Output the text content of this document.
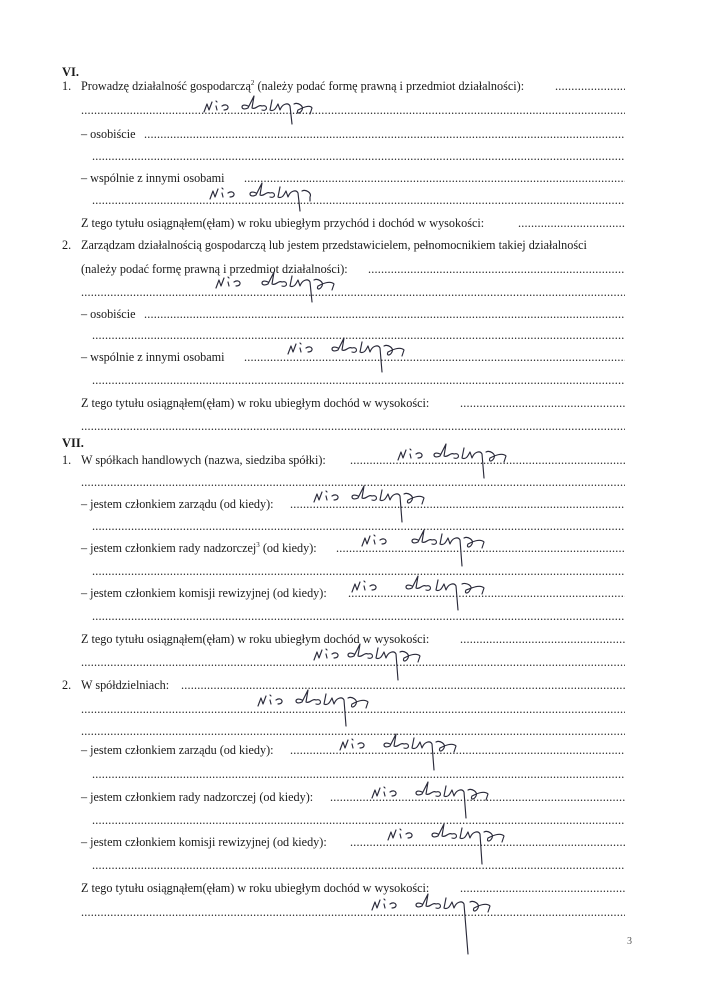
VI.
1. Prowadzę działalność gospodarczą$^2$ (należy podać formę prawną i przedmiot działalności):
.....
.....
– osobiście
.....
.....
– wspólnie z innymi osobami
.....
.....
Z tego tytułu osiągnąłem(ęłam) w roku ubiegłym przychód i dochód w wysokości:
.....
2. Zarządzam działalnością gospodarczą lub jestem przedstawicielem, pełnomocnikiem takiej działalności
(należy podać formę prawną i przedmiot działalności):
.....
.....
– osobiście
.....
.....
– wspólnie z innymi osobami
.....
.....
Z tego tytułu osiągnąłem(ęłam) w roku ubiegłym dochód w wysokości:
.....
.....
VII.
1. W spółkach handlowych (nazwa, siedziba spółki):
.....
.....
– jestem członkiem zarządu (od kiedy):
.....
.....
– jestem członkiem rady nadzorczej$^3$ (od kiedy):
.....
.....
– jestem członkiem komisji rewizyjnej (od kiedy):
.....
.....
Z tego tytułu osiągnąłem(ęłam) w roku ubiegłym dochód w wysokości:
.....
.....
2. W spółdzielniach:
.....
.....
.....
– jestem członkiem zarządu (od kiedy):
.....
.....
– jestem członkiem rady nadzorczej (od kiedy):
.....
.....
– jestem członkiem komisji rewizyjnej (od kiedy):
.....
.....
Z tego tytułu osiągnąłem(ęłam) w roku ubiegłym dochód w wysokości:
.....
.....
3
